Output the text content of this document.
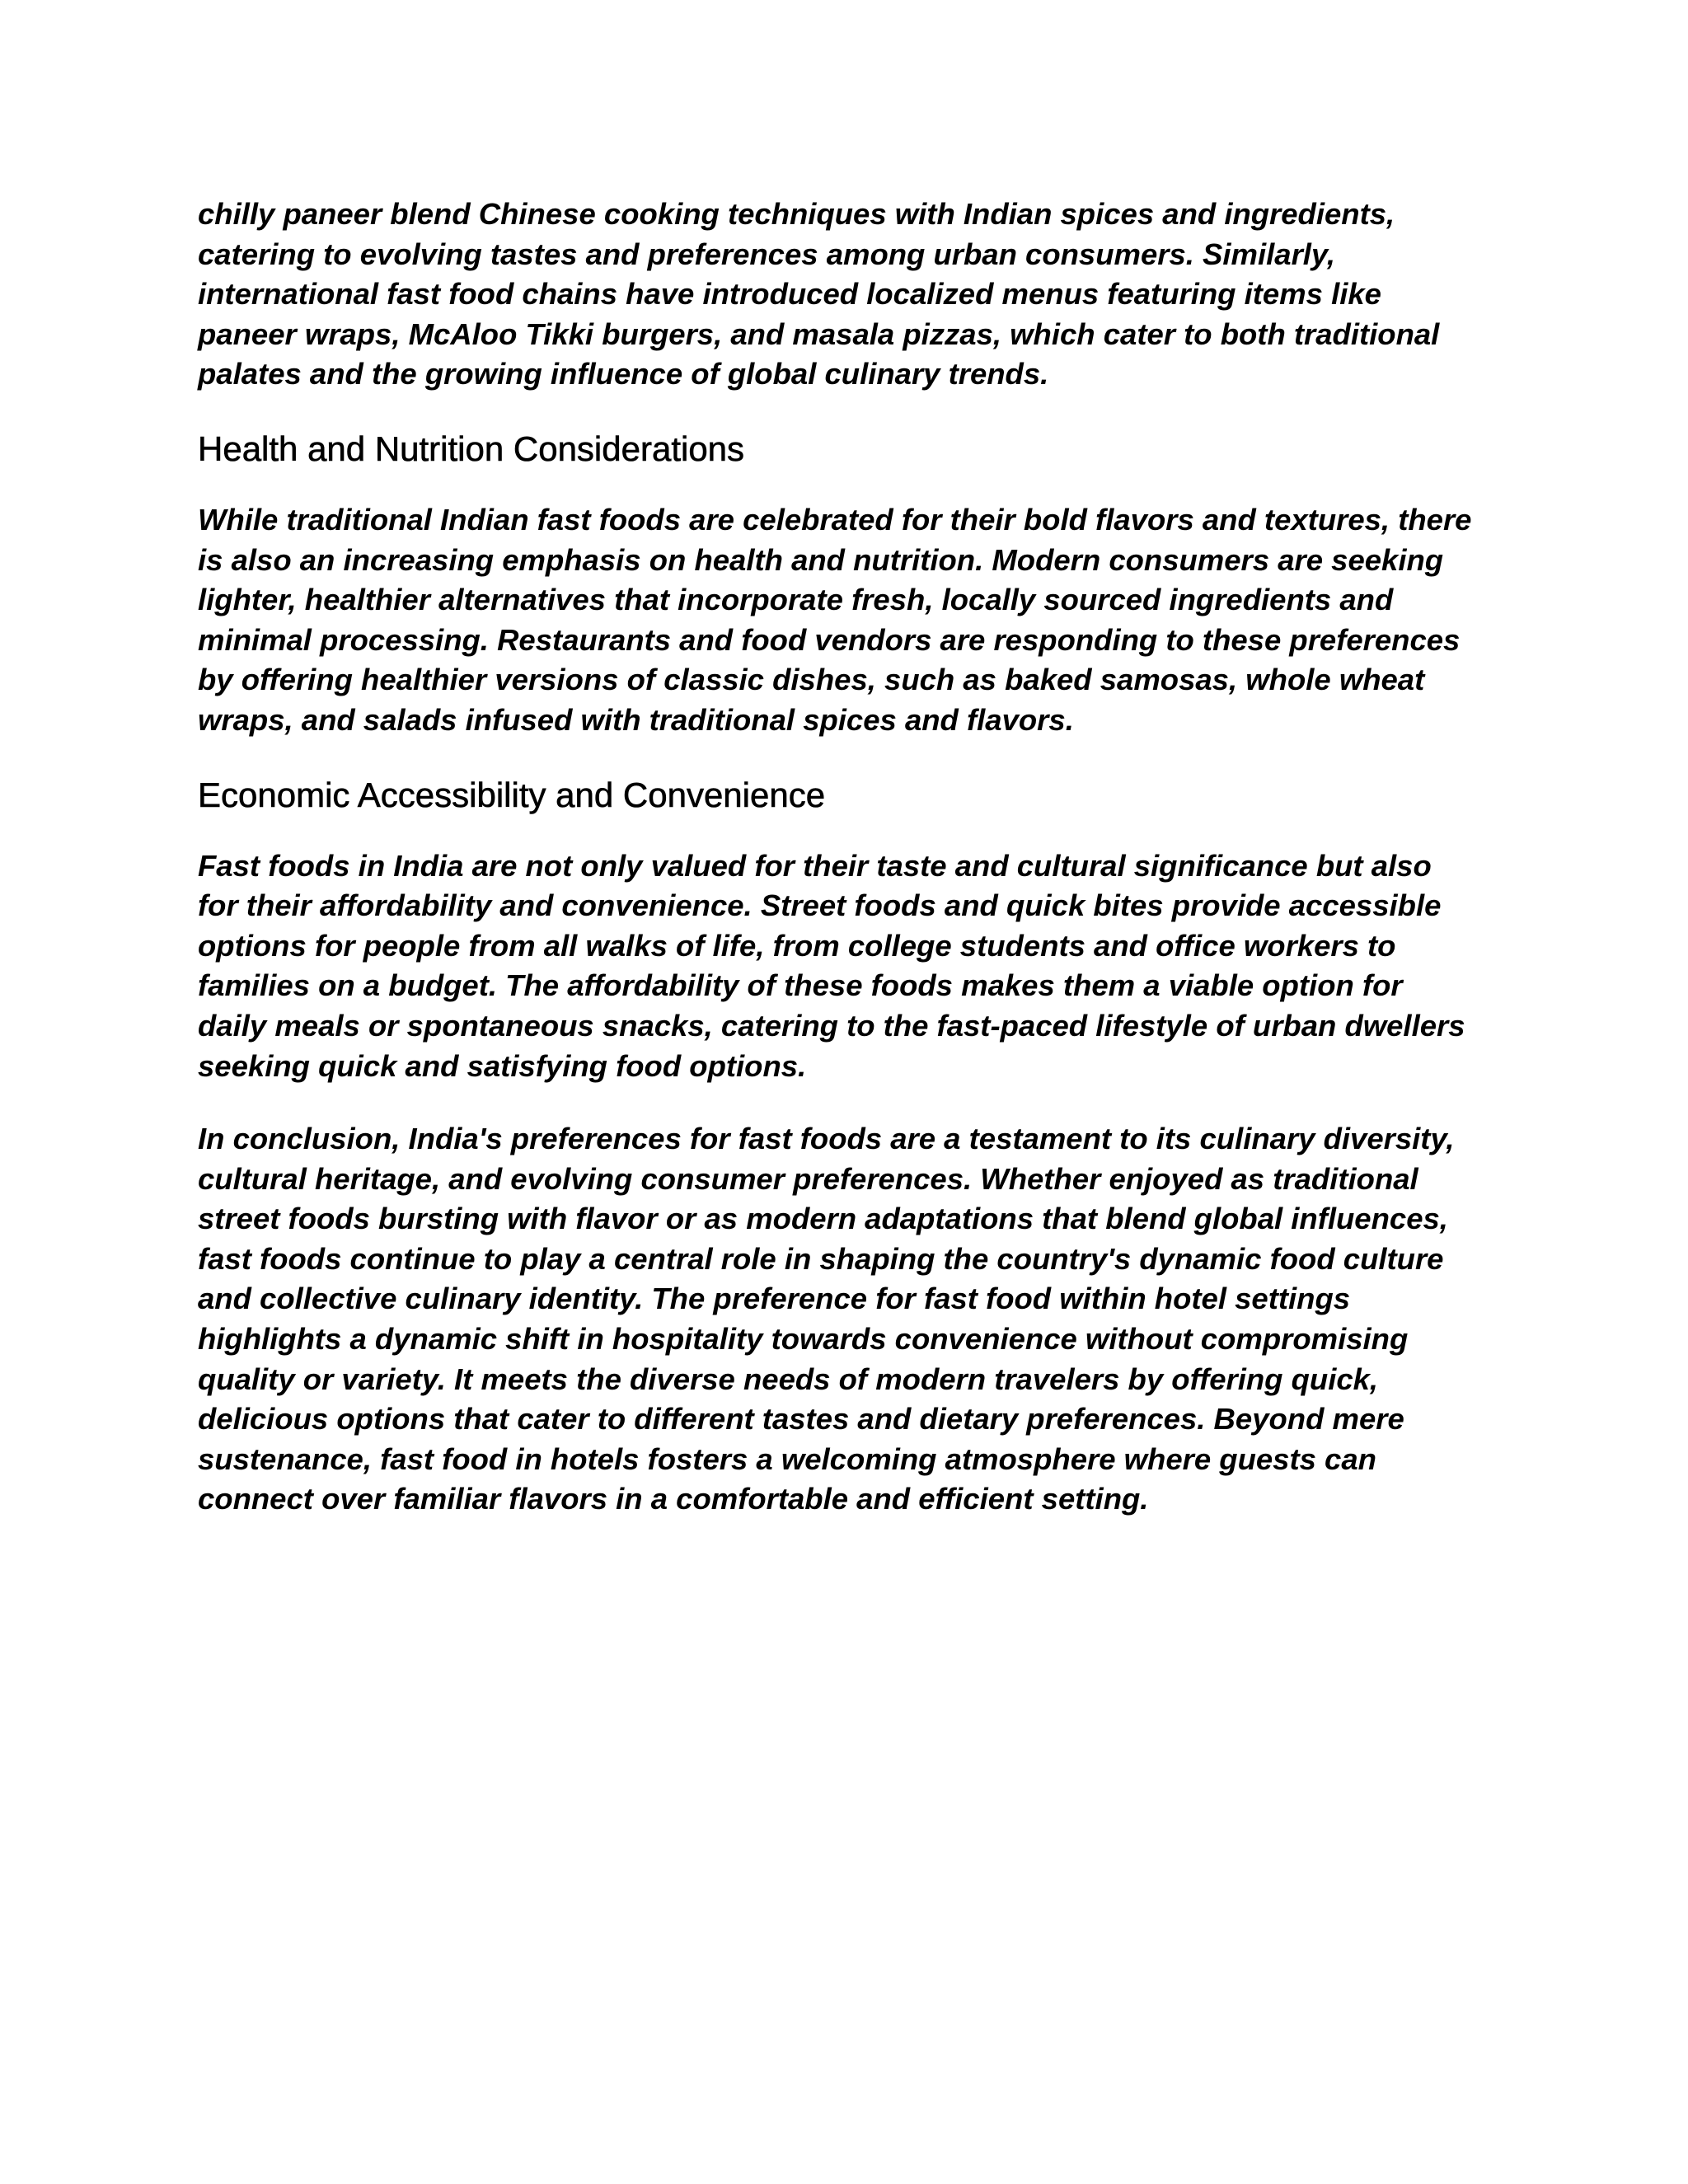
chilly paneer blend Chinese cooking techniques with Indian spices and ingredients,
catering to evolving tastes and preferences among urban consumers. Similarly,
international fast food chains have introduced localized menus featuring items like
paneer wraps, McAloo Tikki burgers, and masala pizzas, which cater to both traditional
palates and the growing influence of global culinary trends.

Health and Nutrition Considerations

While traditional Indian fast foods are celebrated for their bold flavors and textures, there
is also an increasing emphasis on health and nutrition. Modern consumers are seeking
lighter, healthier alternatives that incorporate fresh, locally sourced ingredients and
minimal processing. Restaurants and food vendors are responding to these preferences
by offering healthier versions of classic dishes, such as baked samosas, whole wheat
wraps, and salads infused with traditional spices and flavors.

Economic Accessibility and Convenience

Fast foods in India are not only valued for their taste and cultural significance but also
for their affordability and convenience. Street foods and quick bites provide accessible
options for people from all walks of life, from college students and office workers to
families on a budget. The affordability of these foods makes them a viable option for
daily meals or spontaneous snacks, catering to the fast-paced lifestyle of urban dwellers
seeking quick and satisfying food options.

In conclusion, India's preferences for fast foods are a testament to its culinary diversity,
cultural heritage, and evolving consumer preferences. Whether enjoyed as traditional
street foods bursting with flavor or as modern adaptations that blend global influences,
fast foods continue to play a central role in shaping the country's dynamic food culture
and collective culinary identity. The preference for fast food within hotel settings
highlights a dynamic shift in hospitality towards convenience without compromising
quality or variety. It meets the diverse needs of modern travelers by offering quick,
delicious options that cater to different tastes and dietary preferences. Beyond mere
sustenance, fast food in hotels fosters a welcoming atmosphere where guests can
connect over familiar flavors in a comfortable and efficient setting.
